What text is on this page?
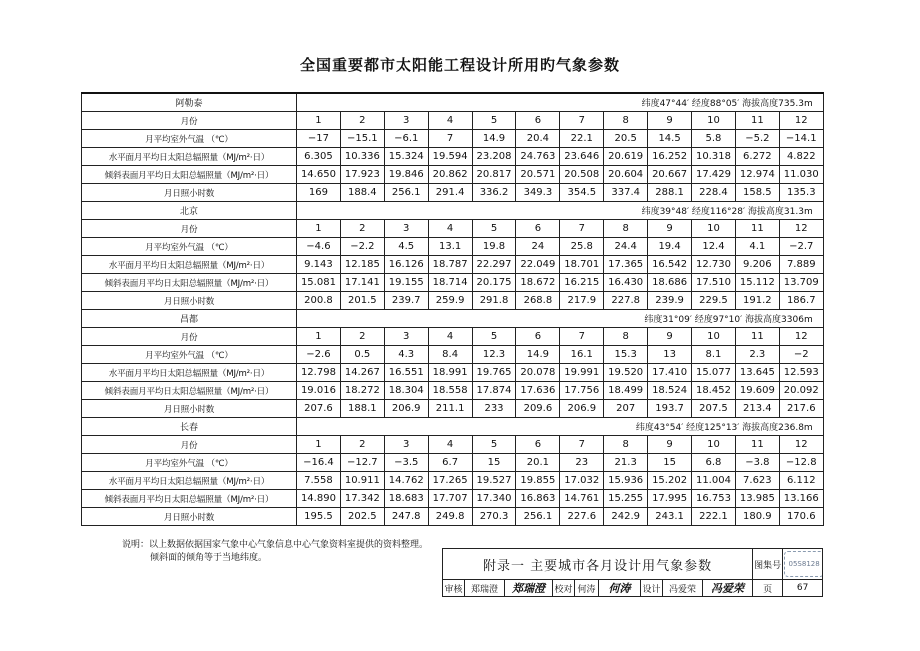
全国重要都市太阳能工程设计所用旳气象参数
阿勒泰	纬度47°44′ 经度88°05′ 海拔高度735.3m											
月份	1	2	3	4	5	6	7	8	9	10	11	12
月平均室外气温 （℃）	−17	−15.1	−6.1	7	14.9	20.4	22.1	20.5	14.5	5.8	−5.2	−14.1
水平面月平均日太阳总辐照量（MJ/m²·日）	6.305	10.336	15.324	19.594	23.208	24.763	23.646	20.619	16.252	10.318	6.272	4.822
倾斜表面月平均日太阳总辐照量（MJ/m²·日）	14.650	17.923	19.846	20.862	20.817	20.571	20.508	20.604	20.667	17.429	12.974	11.030
月日照小时数	169	188.4	256.1	291.4	336.2	349.3	354.5	337.4	288.1	228.4	158.5	135.3
北京	纬度39°48′ 经度116°28′ 海拔高度31.3m											
月份	1	2	3	4	5	6	7	8	9	10	11	12
月平均室外气温 （℃）	−4.6	−2.2	4.5	13.1	19.8	24	25.8	24.4	19.4	12.4	4.1	−2.7
水平面月平均日太阳总辐照量（MJ/m²·日）	9.143	12.185	16.126	18.787	22.297	22.049	18.701	17.365	16.542	12.730	9.206	7.889
倾斜表面月平均日太阳总辐照量（MJ/m²·日）	15.081	17.141	19.155	18.714	20.175	18.672	16.215	16.430	18.686	17.510	15.112	13.709
月日照小时数	200.8	201.5	239.7	259.9	291.8	268.8	217.9	227.8	239.9	229.5	191.2	186.7
昌都	纬度31°09′ 经度97°10′ 海拔高度3306m											
月份	1	2	3	4	5	6	7	8	9	10	11	12
月平均室外气温 （℃）	−2.6	0.5	4.3	8.4	12.3	14.9	16.1	15.3	13	8.1	2.3	−2
水平面月平均日太阳总辐照量（MJ/m²·日）	12.798	14.267	16.551	18.991	19.765	20.078	19.991	19.520	17.410	15.077	13.645	12.593
倾斜表面月平均日太阳总辐照量（MJ/m²·日）	19.016	18.272	18.304	18.558	17.874	17.636	17.756	18.499	18.524	18.452	19.609	20.092
月日照小时数	207.6	188.1	206.9	211.1	233	209.6	206.9	207	193.7	207.5	213.4	217.6
长春	纬度43°54′ 经度125°13′ 海拔高度236.8m											
月份	1	2	3	4	5	6	7	8	9	10	11	12
月平均室外气温 （℃）	−16.4	−12.7	−3.5	6.7	15	20.1	23	21.3	15	6.8	−3.8	−12.8
水平面月平均日太阳总辐照量（MJ/m²·日）	7.558	10.911	14.762	17.265	19.527	19.855	17.032	15.936	15.202	11.004	7.623	6.112
倾斜表面月平均日太阳总辐照量（MJ/m²·日）	14.890	17.342	18.683	17.707	17.340	16.863	14.761	15.255	17.995	16.753	13.985	13.166
月日照小时数	195.5	202.5	247.8	249.8	270.3	256.1	227.6	242.9	243.1	222.1	180.9	170.6
说明：以上数据依据国家气象中心气象信息中心气象资料室提供的资料整理。
倾斜面的倾角等于当地纬度。
附录一 主要城市各月设计用气象参数									图集号	05S8128
审核	郑瑞澄	郑瑞澄	校对	何涛	何涛	设计	冯爱荣	冯爱荣	页	67
